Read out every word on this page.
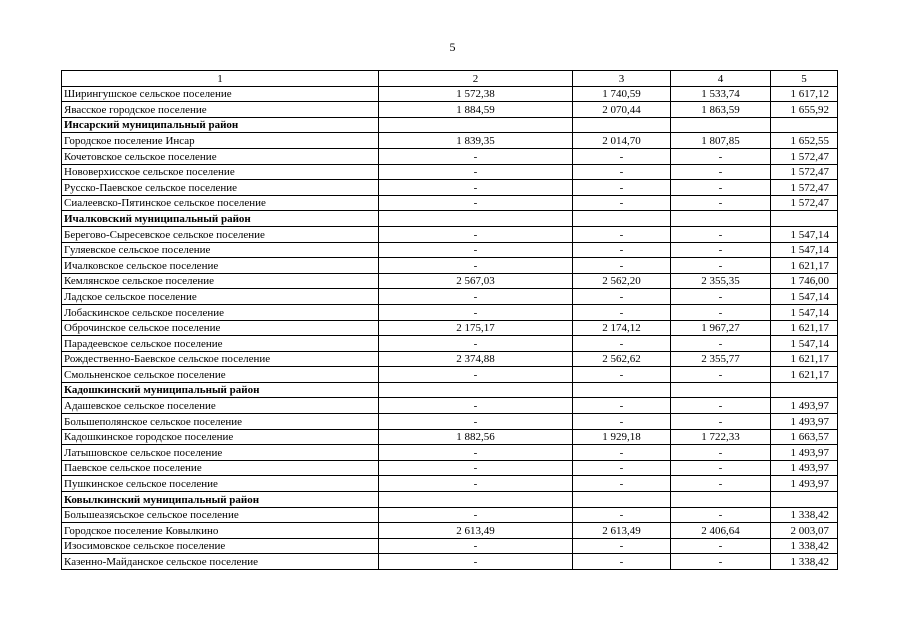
5
1	2	3	4	5
Ширингушское сельское поселение	1 572,38	1 740,59	1 533,74	1 617,12
Явасское городское поселение	1 884,59	2 070,44	1 863,59	1 655,92
Инсарский муниципальный район				
Городское поселение Инсар	1 839,35	2 014,70	1 807,85	1 652,55
Кочетовское сельское поселение	-	-	-	1 572,47
Нововерхисское сельское поселение	-	-	-	1 572,47
Русско-Паевское сельское поселение	-	-	-	1 572,47
Сиалеевско-Пятинское сельское поселение	-	-	-	1 572,47
Ичалковский муниципальный район				
Берегово-Сыресевское сельское поселение	-	-	-	1 547,14
Гуляевское сельское поселение	-	-	-	1 547,14
Ичалковское сельское поселение	-	-	-	1 621,17
Кемлянское сельское поселение	2 567,03	2 562,20	2 355,35	1 746,00
Ладское сельское поселение	-	-	-	1 547,14
Лобаскинское сельское поселение	-	-	-	1 547,14
Оброчинское сельское поселение	2 175,17	2 174,12	1 967,27	1 621,17
Парадеевское сельское поселение	-	-	-	1 547,14
Рождественно-Баевское сельское поселение	2 374,88	2 562,62	2 355,77	1 621,17
Смольненское сельское поселение	-	-	-	1 621,17
Кадошкинский муниципальный район				
Адашевское сельское поселение	-	-	-	1 493,97
Большеполянское сельское поселение	-	-	-	1 493,97
Кадошкинское городское поселение	1 882,56	1 929,18	1 722,33	1 663,57
Латышовское сельское поселение	-	-	-	1 493,97
Паевское сельское поселение	-	-	-	1 493,97
Пушкинское сельское поселение	-	-	-	1 493,97
Ковылкинский муниципальный район				
Большеазясьское сельское поселение	-	-	-	1 338,42
Городское поселение Ковылкино	2 613,49	2 613,49	2 406,64	2 003,07
Изосимовское сельское поселение	-	-	-	1 338,42
Казенно-Майданское сельское поселение	-	-	-	1 338,42
